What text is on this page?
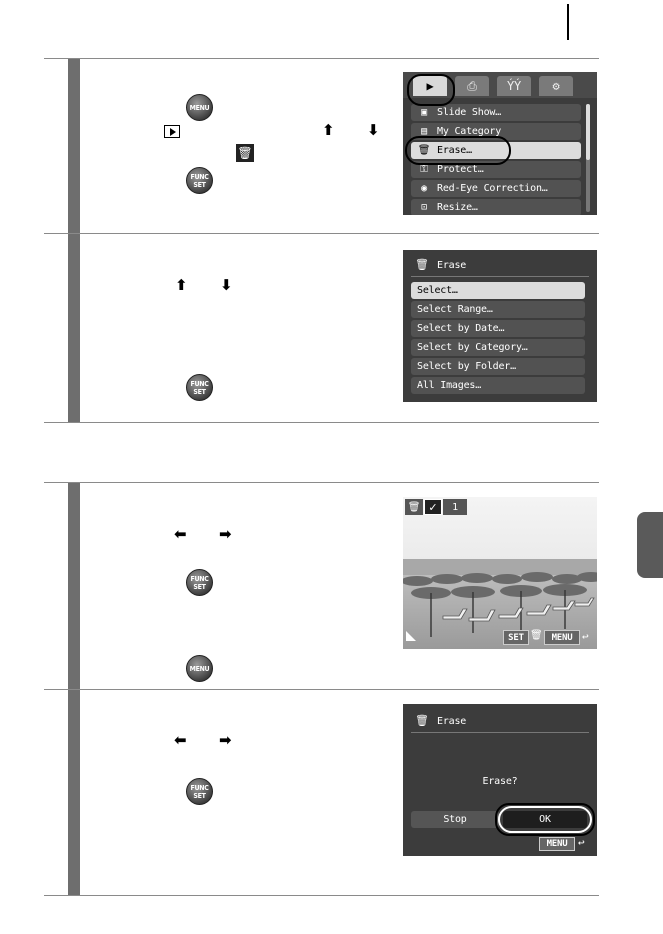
MENU
⬆ ⬇
🗑
FUNC
SET
▶	⎙	ÝÝ	⚙
▣	Slide Show…
▤	My Category
🗑 Erase…
⚿ Protect…
◉	Red-Eye Correction…
⊡	Resize…
⬆ ⬇
FUNC
SET
🗑 Erase
Select…
Select Range…
Select by Date…
Select by Category…
Select by Folder…
All Images…
⬅ ➡
FUNC
SET
MENU
🗑 ✓	1
SET 🗑	MENU ↩
⬅ ➡
FUNC
SET
🗑 Erase
Erase?
Stop	OK
MENU ↩
